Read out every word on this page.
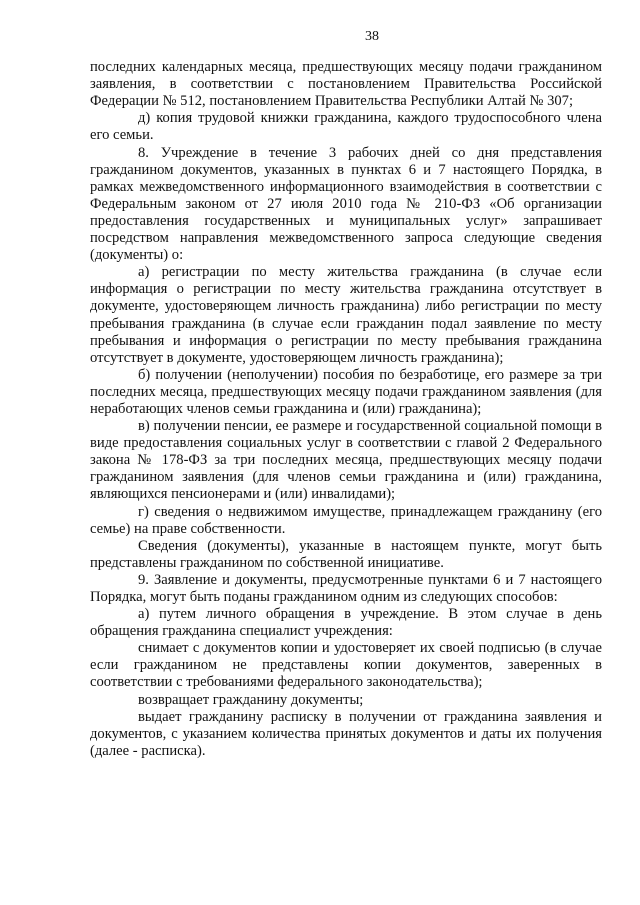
38

последних календарных месяца, предшествующих месяцу подачи гражданином заявления, в соответствии с постановлением Правительства Российской Федерации № 512, постановлением Правительства Республики Алтай № 307;

д) копия трудовой книжки гражданина, каждого трудоспособного члена его семьи.

8. Учреждение в течение 3 рабочих дней со дня представления гражданином документов, указанных в пунктах 6 и 7 настоящего Порядка, в рамках межведомственного информационного взаимодействия в соответствии с Федеральным законом от 27 июля 2010 года № 210-ФЗ «Об организации предоставления государственных и муниципальных услуг» запрашивает посредством направления межведомственного запроса следующие сведения (документы) о:

а) регистрации по месту жительства гражданина (в случае если информация о регистрации по месту жительства гражданина отсутствует в документе, удостоверяющем личность гражданина) либо регистрации по месту пребывания гражданина (в случае если гражданин подал заявление по месту пребывания и информация о регистрации по месту пребывания гражданина отсутствует в документе, удостоверяющем личность гражданина);

б) получении (неполучении) пособия по безработице, его размере за три последних месяца, предшествующих месяцу подачи гражданином заявления (для неработающих членов семьи гражданина и (или) гражданина);

в) получении пенсии, ее размере и государственной социальной помощи в виде предоставления социальных услуг в соответствии с главой 2 Федерального закона № 178-ФЗ за три последних месяца, предшествующих месяцу подачи гражданином заявления (для членов семьи гражданина и (или) гражданина, являющихся пенсионерами и (или) инвалидами);

г) сведения о недвижимом имуществе, принадлежащем гражданину (его семье) на праве собственности.

Сведения (документы), указанные в настоящем пункте, могут быть представлены гражданином по собственной инициативе.

9. Заявление и документы, предусмотренные пунктами 6 и 7 настоящего Порядка, могут быть поданы гражданином одним из следующих способов:

а) путем личного обращения в учреждение. В этом случае в день обращения гражданина специалист учреждения:

снимает с документов копии и удостоверяет их своей подписью (в случае если гражданином не представлены копии документов, заверенных в соответствии с требованиями федерального законодательства);

возвращает гражданину документы;

выдает гражданину расписку в получении от гражданина заявления и документов, с указанием количества принятых документов и даты их получения (далее - расписка).
